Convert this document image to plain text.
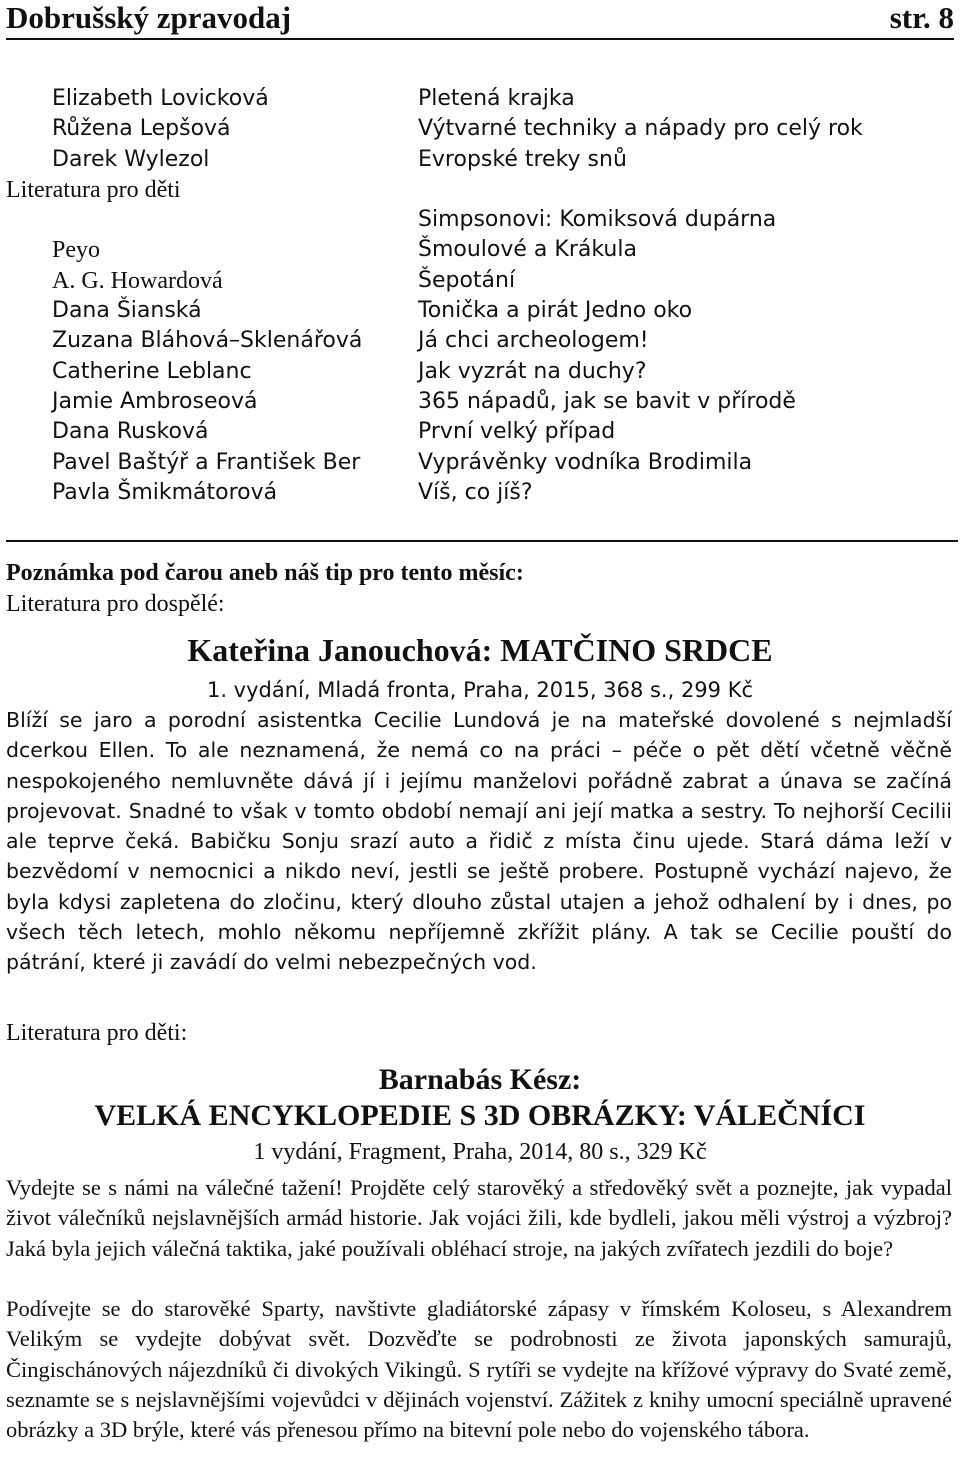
Dobrušský zpravodaj	str. 8
Elizabeth Lovicková
Růžena Lepšová
Darek Wylezol
Literatura pro děti
Peyo
A. G. Howardová
Dana Šianská
Zuzana Bláhová–Sklenářová
Catherine Leblanc
Jamie Ambroseová
Dana Rusková
Pavel Baštýř a František Ber
Pavla Šmikmátorová
Pletená krajka
Výtvarné techniky a nápady pro celý rok
Evropské treky snů
Simpsonovi: Komiksová dupárna
Šmoulové a Krákula
Šepotání
Tonička a pirát Jedno oko
Já chci archeologem!
Jak vyzrát na duchy?
365 nápadů, jak se bavit v přírodě
První velký případ
Vyprávěnky vodníka Brodimila
Víš, co jíš?
Poznámka pod čarou aneb náš tip pro tento měsíc:
Literatura pro dospělé:
Kateřina Janouchová: MATČINO SRDCE
1. vydání, Mladá fronta, Praha, 2015, 368 s., 299 Kč

Blíží se jaro a porodní asistentka Cecilie Lundová je na mateřské dovolené s nejmladší dcerkou Ellen. To ale neznamená, že nemá co na práci – péče o pět dětí včetně věčně nespokojeného nemluvněte dává jí i jejímu manželovi pořádně zabrat a únava se začíná projevovat. Snadné to však v tomto období nemají ani její matka a sestry. To nejhorší Cecilii ale teprve čeká. Babičku Sonju srazí auto a řidič z místa činu ujede. Stará dáma leží v bezvědomí v nemocnici a nikdo neví, jestli se ještě probere. Postupně vychází najevo, že byla kdysi zapletena do zločinu, který dlouho zůstal utajen a jehož odhalení by i dnes, po všech těch letech, mohlo někomu nepříjemně zkřížit plány. A tak se Cecilie pouští do pátrání, které ji zavádí do velmi nebezpečných vod.

Literatura pro děti:
Barnabás Kész:
VELKÁ ENCYKLOPEDIE S 3D OBRÁZKY: VÁLEČNÍCI
1 vydání, Fragment, Praha, 2014, 80 s., 329 Kč

Vydejte se s námi na válečné tažení! Projděte celý starověký a středověký svět a poznejte, jak vypadal život válečníků nejslavnějších armád historie. Jak vojáci žili, kde bydleli, jakou měli výstroj a výzbroj? Jaká byla jejich válečná taktika, jaké používali obléhací stroje, na jakých zvířatech jezdili do boje?

Podívejte se do starověké Sparty, navštivte gladiátorské zápasy v římském Koloseu, s Alexandrem Velikým se vydejte dobývat svět. Dozvěďte se podrobnosti ze života japonských samurajů, Čingischánových nájezdníků či divokých Vikingů. S rytíři se vydejte na křížové výpravy do Svaté země, seznamte se s nejslavnějšími vojevůdci v dějinách vojenství. Zážitek z knihy umocní speciálně upravené obrázky a 3D brýle, které vás přenesou přímo na bitevní pole nebo do vojenského tábora.
